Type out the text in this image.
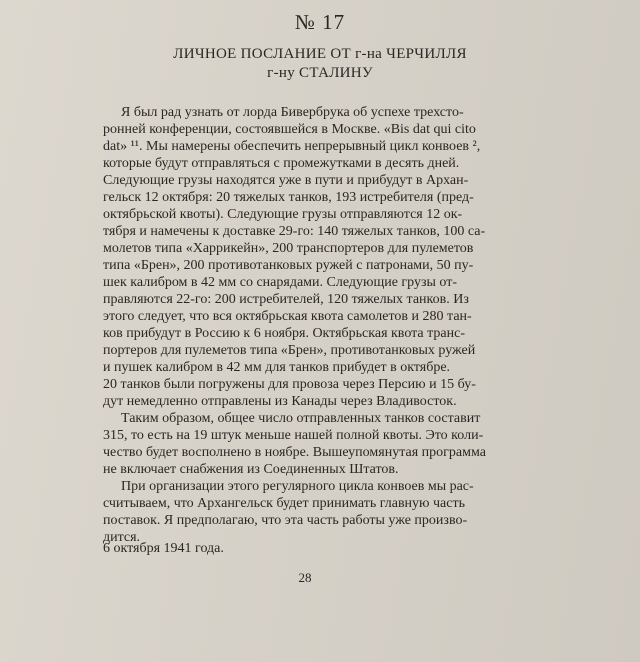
№ 17
ЛИЧНОЕ ПОСЛАНИЕ ОТ г-на ЧЕРЧИЛЛЯ
г-ну СТАЛИНУ
Я был рад узнать от лорда Бивербрука об успехе трехсто-
ронней конференции, состоявшейся в Москве. «Bis dat qui cito
dat» ¹¹. Мы намерены обеспечить непрерывный цикл конвоев ²,
которые будут отправляться с промежутками в десять дней.
Следующие грузы находятся уже в пути и прибудут в Архан-
гельск 12 октября: 20 тяжелых танков, 193 истребителя (пред-
октябрьской квоты). Следующие грузы отправляются 12 ок-
тября и намечены к доставке 29-го: 140 тяжелых танков, 100 са-
молетов типа «Харрикейн», 200 транспортеров для пулеметов
типа «Брен», 200 противотанковых ружей с патронами, 50 пу-
шек калибром в 42 мм со снарядами. Следующие грузы от-
правляются 22-го: 200 истребителей, 120 тяжелых танков. Из
этого следует, что вся октябрьская квота самолетов и 280 тан-
ков прибудут в Россию к 6 ноября. Октябрьская квота транс-
портеров для пулеметов типа «Брен», противотанковых ружей
и пушек калибром в 42 мм для танков прибудет в октябре.
20 танков были погружены для провоза через Персию и 15 бу-
дут немедленно отправлены из Канады через Владивосток.
Таким образом, общее число отправленных танков составит
315, то есть на 19 штук меньше нашей полной квоты. Это коли-
чество будет восполнено в ноябре. Вышеупомянутая программа
не включает снабжения из Соединенных Штатов.
При организации этого регулярного цикла конвоев мы рас-
считываем, что Архангельск будет принимать главную часть
поставок. Я предполагаю, что эта часть работы уже произво-
дится.
6 октября 1941 года.
28
